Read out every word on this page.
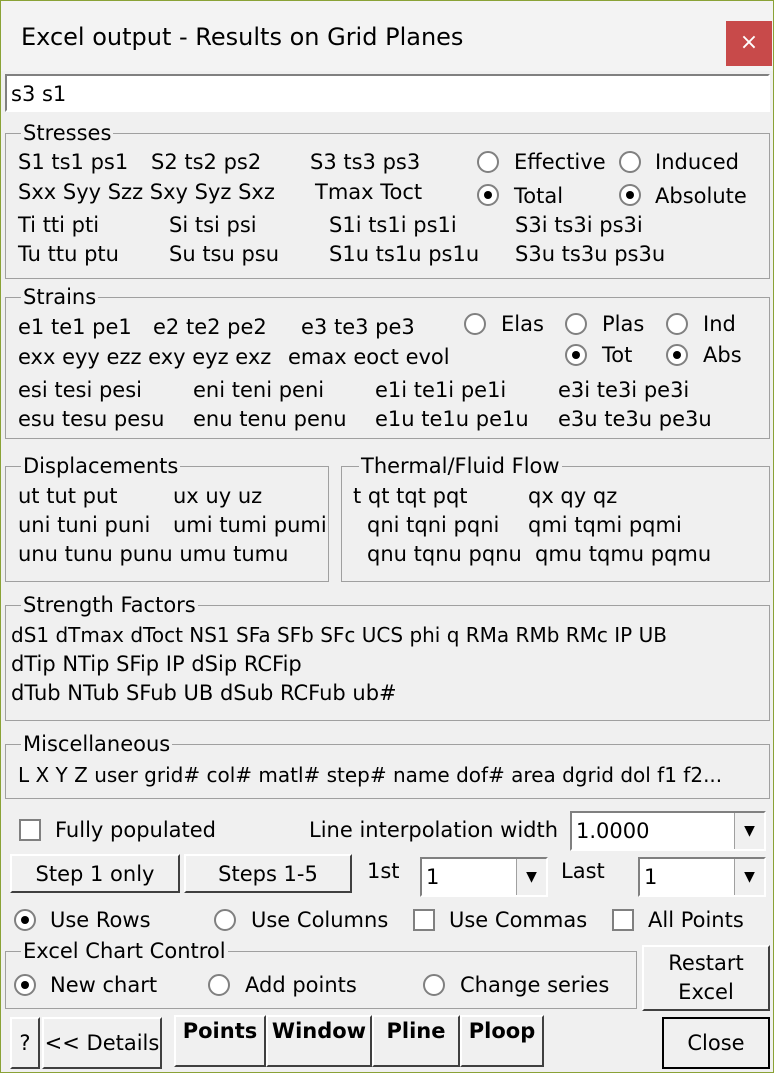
Excel output - Results on Grid Planes	×
s3 s1
Stresses
S1 ts1 ps1 S2 ts2 ps2 S3 ts3 ps3
Sxx Syy Szz Sxy Syz Sxz Tmax Toct
Ti tti pti	Si tsi psi	S1i ts1i ps1i	S3i ts3i ps3i
Tu ttu ptu Su tsu psu S1u ts1u ps1u S3u ts3u ps3u
Effective Induced
Total	Absolute
Strains
e1 te1 pe1 e2 te2 pe2 e3 te3 pe3
exx eyy ezz exy eyz exz emax eoct evol
esi tesi pesi eni teni peni e1i te1i pe1i e3i te3i pe3i
esu tesu pesu enu tenu penu e1u te1u pe1u e3u te3u pe3u
Elas	Plas	Ind
Tot	Abs
Displacements
ut tut put	ux uy uz
uni tuni puni umi tumi pumi
unu tunu punu umu tumu
Thermal/Fluid Flow
t qt tqt pqt	qx qy qz
qni tqni pqni qmi tqmi pqmi
qnu tqnu pqnu qmu tqmu pqmu
Strength Factors
dS1 dTmax dToct NS1 SFa SFb SFc UCS phi q RMa RMb RMc IP UB
dTip NTip SFip IP dSip RCFip
dTub NTub SFub UB dSub RCFub ub#
Miscellaneous
L X Y Z user grid# col# matl# step# name dof# area dgrid dol f1 f2...
Fully populated	Line interpolation width 1.0000	▼
Step 1 only	Steps 1-5	1st 1	▼	Last 1	▼
Use Rows	Use Columns	Use Commas	All Points
Excel Chart Control
New chart	Add points	Change series
Restart
Excel
? << Details	Points Window Pline	Ploop	Close
